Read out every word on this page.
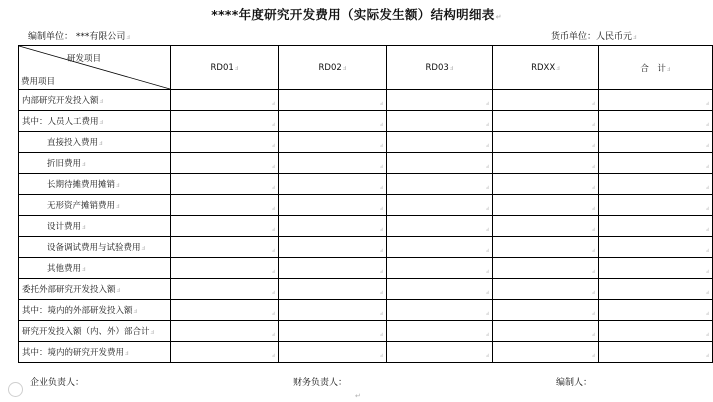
****年度研究开发费用（实际发生额）结构明细表↵
编制单位： ***有限公司ⅎ	货币单位：人民币元ⅎ
研发项目
费用项目	RD01ⅎ	RD02ⅎ	RD03ⅎ	RDXXⅎ	合　计ⅎ
内部研究开发投入额ⅎ	ⅎ	ⅎ	ⅎ	ⅎ	ⅎ

其中：人员人工费用ⅎ	ⅎ	ⅎ	ⅎ	ⅎ	ⅎ

直接投入费用ⅎ	ⅎ	ⅎ	ⅎ	ⅎ	ⅎ

折旧费用ⅎ	ⅎ	ⅎ	ⅎ	ⅎ	ⅎ

长期待摊费用摊销ⅎ	ⅎ	ⅎ	ⅎ	ⅎ	ⅎ

无形资产摊销费用ⅎ	ⅎ	ⅎ	ⅎ	ⅎ	ⅎ

设计费用ⅎ	ⅎ	ⅎ	ⅎ	ⅎ	ⅎ

设备调试费用与试验费用ⅎ	ⅎ	ⅎ	ⅎ	ⅎ	ⅎ

其他费用ⅎ	ⅎ	ⅎ	ⅎ	ⅎ	ⅎ

委托外部研究开发投入额ⅎ	ⅎ	ⅎ	ⅎ	ⅎ	ⅎ

其中：境内的外部研发投入额ⅎ	ⅎ	ⅎ	ⅎ	ⅎ	ⅎ

研究开发投入额（内、外）部合计ⅎ	ⅎ	ⅎ	ⅎ	ⅎ	ⅎ

其中：境内的研究开发费用ⅎ	ⅎ	ⅎ	ⅎ	ⅎ	ⅎ
企业负责人：	财务负责人：	编制人：
↵
